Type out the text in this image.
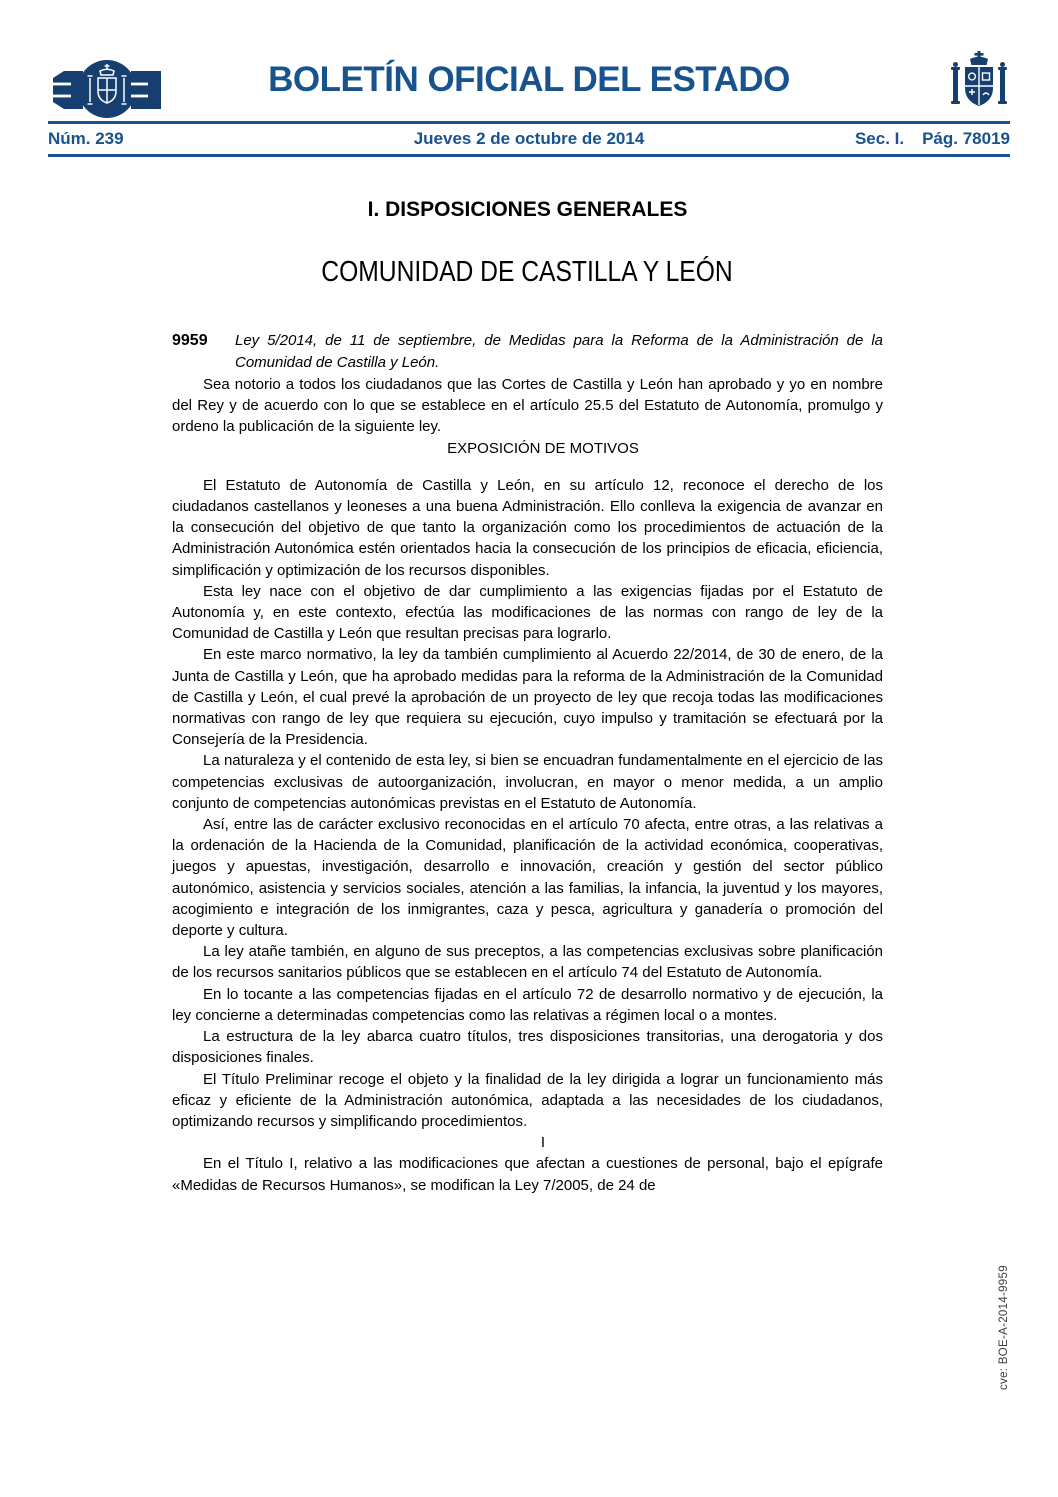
BOLETÍN OFICIAL DEL ESTADO
Núm. 239	Jueves 2 de octubre de 2014	Sec. I. Pág. 78019
I. DISPOSICIONES GENERALES
COMUNIDAD DE CASTILLA Y LEÓN
9959	Ley 5/2014, de 11 de septiembre, de Medidas para la Reforma de la Administración de la Comunidad de Castilla y León.

Sea notorio a todos los ciudadanos que las Cortes de Castilla y León han aprobado y yo en nombre del Rey y de acuerdo con lo que se establece en el artículo 25.5 del Estatuto de Autonomía, promulgo y ordeno la publicación de la siguiente ley.

EXPOSICIÓN DE MOTIVOS

El Estatuto de Autonomía de Castilla y León, en su artículo 12, reconoce el derecho de los ciudadanos castellanos y leoneses a una buena Administración. Ello conlleva la exigencia de avanzar en la consecución del objetivo de que tanto la organización como los procedimientos de actuación de la Administración Autonómica estén orientados hacia la consecución de los principios de eficacia, eficiencia, simplificación y optimización de los recursos disponibles.

Esta ley nace con el objetivo de dar cumplimiento a las exigencias fijadas por el Estatuto de Autonomía y, en este contexto, efectúa las modificaciones de las normas con rango de ley de la Comunidad de Castilla y León que resultan precisas para lograrlo.

En este marco normativo, la ley da también cumplimiento al Acuerdo 22/2014, de 30 de enero, de la Junta de Castilla y León, que ha aprobado medidas para la reforma de la Administración de la Comunidad de Castilla y León, el cual prevé la aprobación de un proyecto de ley que recoja todas las modificaciones normativas con rango de ley que requiera su ejecución, cuyo impulso y tramitación se efectuará por la Consejería de la Presidencia.

La naturaleza y el contenido de esta ley, si bien se encuadran fundamentalmente en el ejercicio de las competencias exclusivas de autoorganización, involucran, en mayor o menor medida, a un amplio conjunto de competencias autonómicas previstas en el Estatuto de Autonomía.

Así, entre las de carácter exclusivo reconocidas en el artículo 70 afecta, entre otras, a las relativas a la ordenación de la Hacienda de la Comunidad, planificación de la actividad económica, cooperativas, juegos y apuestas, investigación, desarrollo e innovación, creación y gestión del sector público autonómico, asistencia y servicios sociales, atención a las familias, la infancia, la juventud y los mayores, acogimiento e integración de los inmigrantes, caza y pesca, agricultura y ganadería o promoción del deporte y cultura.

La ley atañe también, en alguno de sus preceptos, a las competencias exclusivas sobre planificación de los recursos sanitarios públicos que se establecen en el artículo 74 del Estatuto de Autonomía.

En lo tocante a las competencias fijadas en el artículo 72 de desarrollo normativo y de ejecución, la ley concierne a determinadas competencias como las relativas a régimen local o a montes.

La estructura de la ley abarca cuatro títulos, tres disposiciones transitorias, una derogatoria y dos disposiciones finales.

El Título Preliminar recoge el objeto y la finalidad de la ley dirigida a lograr un funcionamiento más eficaz y eficiente de la Administración autonómica, adaptada a las necesidades de los ciudadanos, optimizando recursos y simplificando procedimientos.

I

En el Título I, relativo a las modificaciones que afectan a cuestiones de personal, bajo el epígrafe «Medidas de Recursos Humanos», se modifican la Ley 7/2005, de 24 de

cve: BOE-A-2014-9959
